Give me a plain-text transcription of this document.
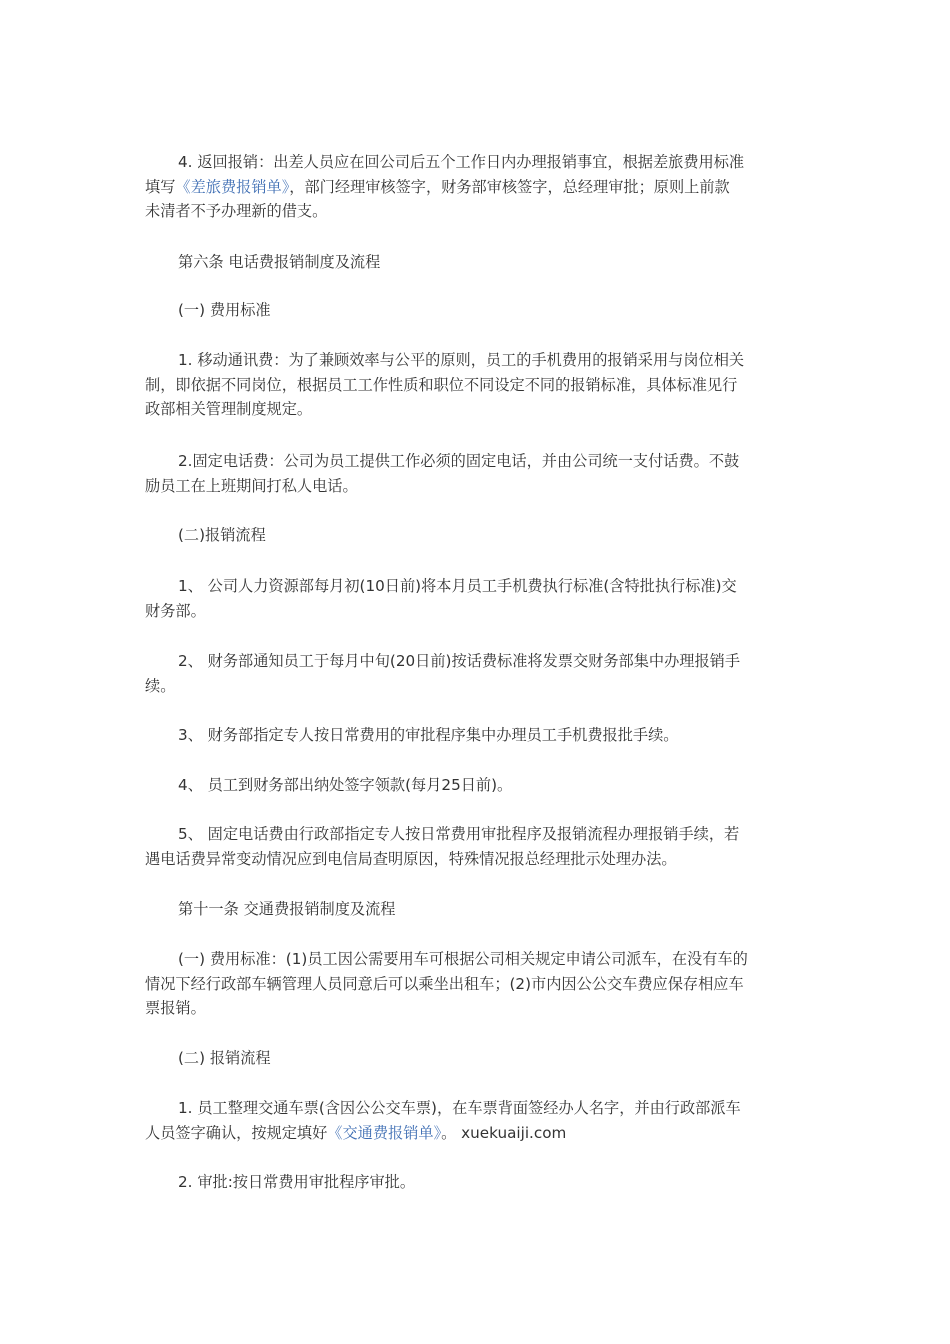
4. 返回报销：出差人员应在回公司后五个工作日内办理报销事宜，根据差旅费用标准
填写《差旅费报销单》，部门经理审核签字，财务部审核签字，总经理审批；原则上前款
未清者不予办理新的借支。

第六条 电话费报销制度及流程

(一) 费用标准

1. 移动通讯费：为了兼顾效率与公平的原则，员工的手机费用的报销采用与岗位相关
制，即依据不同岗位，根据员工工作性质和职位不同设定不同的报销标准，具体标准见行
政部相关管理制度规定。
2.固定电话费：公司为员工提供工作必须的固定电话，并由公司统一支付话费。不鼓
励员工在上班期间打私人电话。

(二)报销流程

1、 公司人力资源部每月初(10日前)将本月员工手机费执行标准(含特批执行标准)交
财务部。
2、 财务部通知员工于每月中旬(20日前)按话费标准将发票交财务部集中办理报销手
续。
3、 财务部指定专人按日常费用的审批程序集中办理员工手机费报批手续。
4、 员工到财务部出纳处签字领款(每月25日前)。
5、 固定电话费由行政部指定专人按日常费用审批程序及报销流程办理报销手续，若
遇电话费异常变动情况应到电信局查明原因，特殊情况报总经理批示处理办法。

第十一条 交通费报销制度及流程

(一) 费用标准：(1)员工因公需要用车可根据公司相关规定申请公司派车，在没有车的
情况下经行政部车辆管理人员同意后可以乘坐出租车；(2)市内因公公交车费应保存相应车
票报销。

(二) 报销流程

1. 员工整理交通车票(含因公公交车票)，在车票背面签经办人名字，并由行政部派车
人员签字确认，按规定填好《交通费报销单》。 xuekuaiji.com
2. 审批:按日常费用审批程序审批。
